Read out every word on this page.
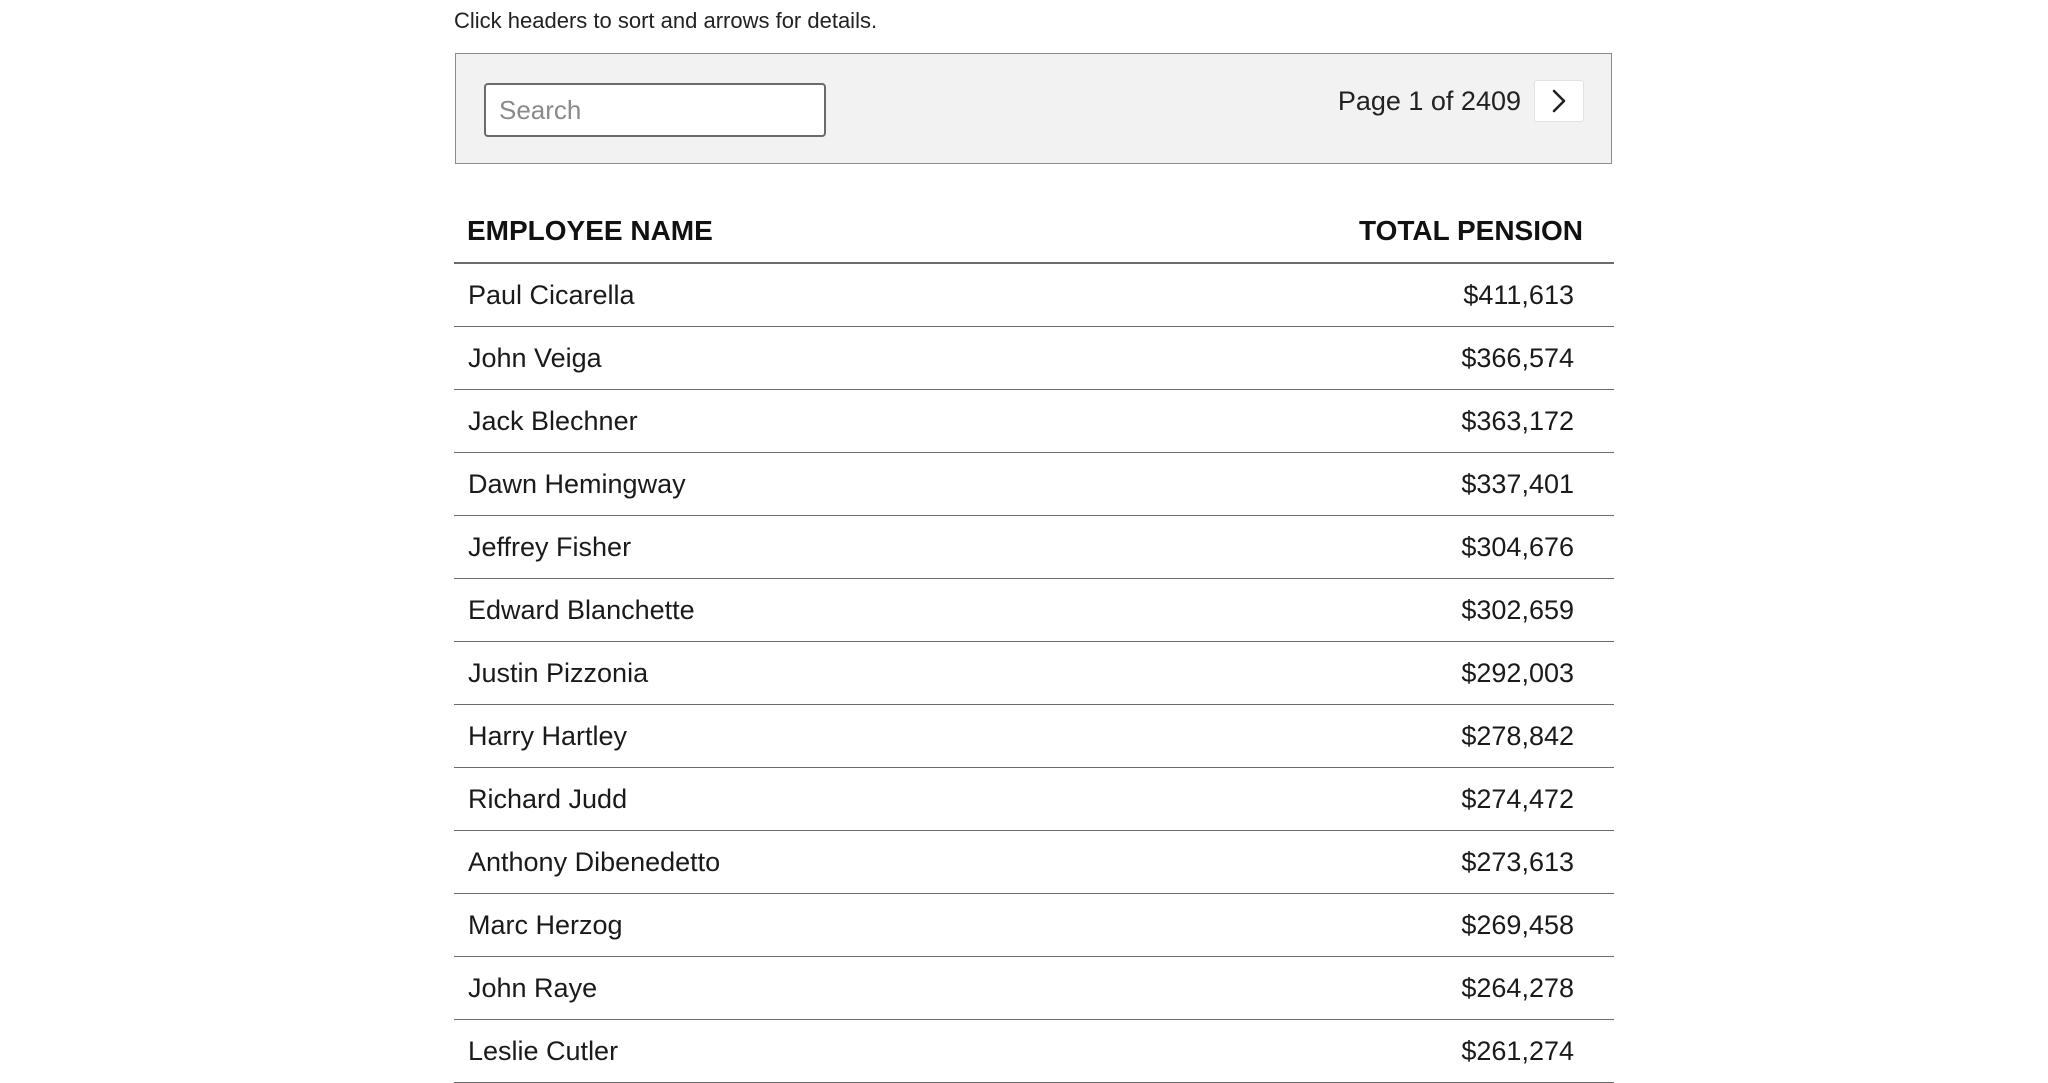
Click headers to sort and arrows for details.
Search
Page 1 of 2409
EMPLOYEE NAME	TOTAL PENSION
Paul Cicarella	$411,613
John Veiga	$366,574
Jack Blechner	$363,172
Dawn Hemingway	$337,401
Jeffrey Fisher	$304,676
Edward Blanchette	$302,659
Justin Pizzonia	$292,003
Harry Hartley	$278,842
Richard Judd	$274,472
Anthony Dibenedetto	$273,613
Marc Herzog	$269,458
John Raye	$264,278
Leslie Cutler	$261,274
